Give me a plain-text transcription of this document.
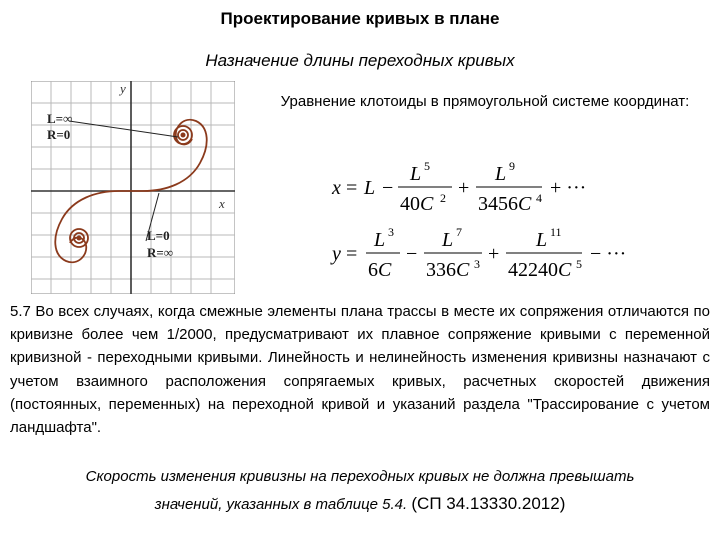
Проектирование кривых в плане
Назначение длины переходных кривых
y
x
L=∞
R=0
L=0
R=∞
Уравнение клотоиды в прямоугольной системе координат:
x = L −
L 5
40C 2 +
L 9
3456C 4 + ···
y =
L 3
6C
−
L 7
336C 3 +
L 11
42240C 5 − ···
5.7 Во всех случаях, когда смежные элементы плана трассы в месте их сопряжения отличаются по кривизне более чем 1/2000, предусматривают их плавное сопряжение кривыми с переменной кривизной - переходными кривыми. Линейность и нелинейность изменения кривизны назначают с учетом взаимного расположения сопрягаемых кривых, расчетных скоростей движения (постоянных, переменных) на переходной кривой и указаний раздела "Трассирование с учетом ландшафта".
Скорость изменения кривизны на переходных кривых не должна превышать
значений, указанных в таблице 5.4. (СП 34.13330.2012)
